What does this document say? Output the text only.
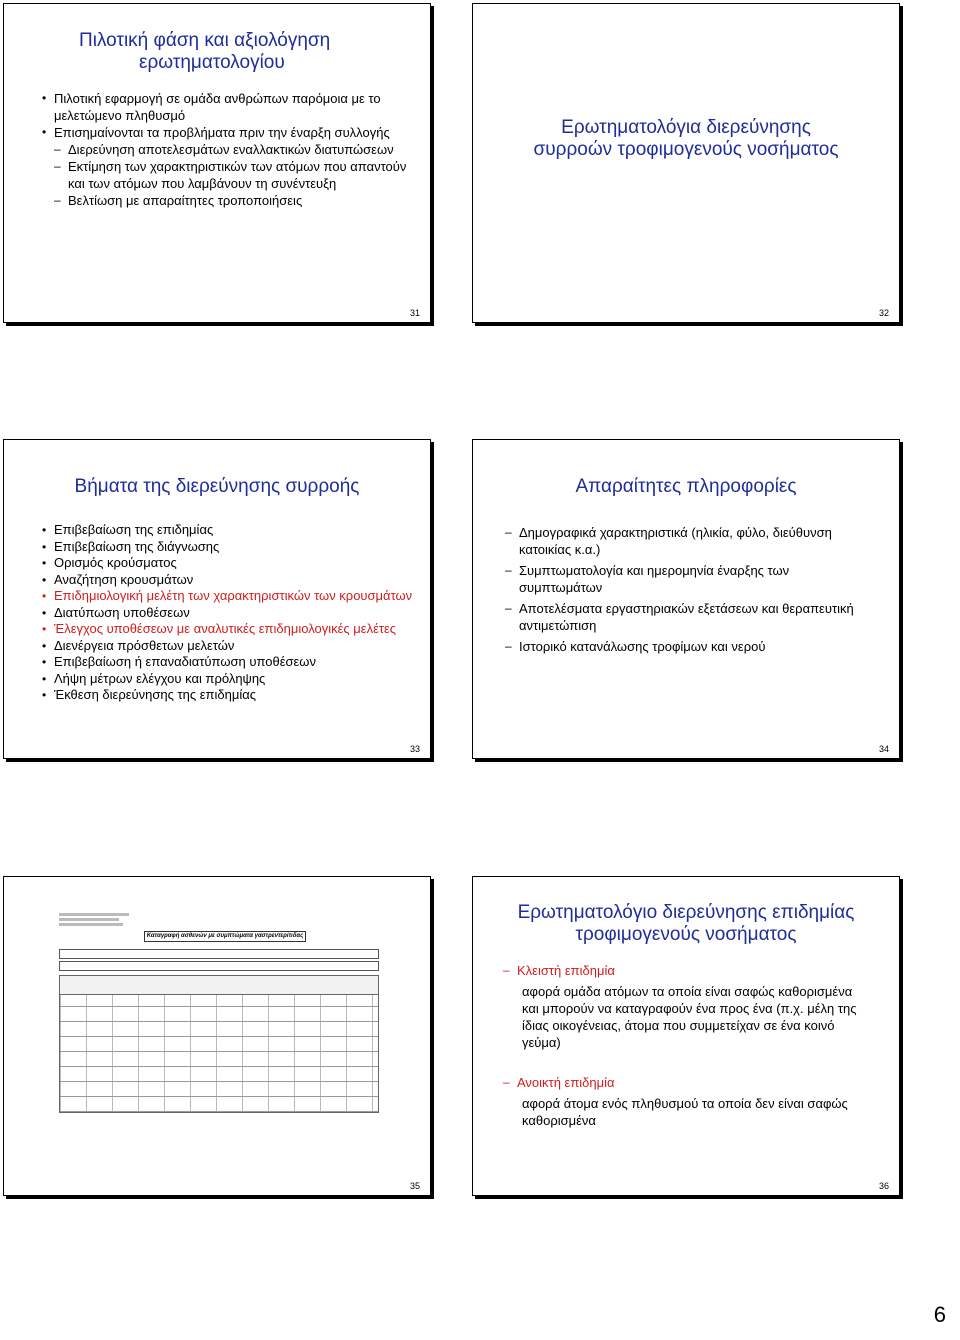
Πιλοτική φάση και αξιολόγηση
ερωτηματολογίου
• Πιλοτική εφαρμογή σε ομάδα ανθρώπων παρόμοια με το μελετώμενο πληθυσμό
• Επισημαίνονται τα προβλήματα πριν την έναρξη συλλογής
– Διερεύνηση αποτελεσμάτων εναλλακτικών διατυπώσεων
– Εκτίμηση των χαρακτηριστικών των ατόμων που απαντούν και των ατόμων που λαμβάνουν τη συνέντευξη
– Βελτίωση με απαραίτητες τροποποιήσεις
31
Ερωτηματολόγια διερεύνησης
συρροών τροφιμογενούς νοσήματος
32
Βήματα της διερεύνησης συρροής
• Επιβεβαίωση της επιδημίας
• Επιβεβαίωση της διάγνωσης
• Ορισμός κρούσματος
• Αναζήτηση κρουσμάτων
• Επιδημιολογική μελέτη των χαρακτηριστικών των κρουσμάτων
• Διατύπωση υποθέσεων
• Έλεγχος υποθέσεων με αναλυτικές επιδημιολογικές μελέτες
• Διενέργεια πρόσθετων μελετών
• Επιβεβαίωση ή επαναδιατύπωση υποθέσεων
• Λήψη μέτρων ελέγχου και πρόληψης
• Έκθεση διερεύνησης της επιδημίας
33
Απαραίτητες πληροφορίες
– Δημογραφικά χαρακτηριστικά (ηλικία, φύλο, διεύθυνση κατοικίας κ.α.)
– Συμπτωματολογία και ημερομηνία έναρξης των συμπτωμάτων
– Αποτελέσματα εργαστηριακών εξετάσεων και θεραπευτική αντιμετώπιση
– Ιστορικό κατανάλωσης τροφίμων και νερού
34
Καταγραφή ασθενών με συμπτώματα γαστρεντερίτιδας
35
Ερωτηματολόγιο διερεύνησης επιδημίας
τροφιμογενούς νοσήματος
– Κλειστή επιδημία
αφορά ομάδα ατόμων τα οποία είναι σαφώς καθορισμένα και μπορούν να καταγραφούν ένα προς ένα (π.χ. μέλη της ίδιας οικογένειας, άτομα που συμμετείχαν σε ένα κοινό γεύμα)
– Ανοικτή επιδημία
αφορά άτομα ενός πληθυσμού τα οποία δεν είναι σαφώς καθορισμένα
36
6
